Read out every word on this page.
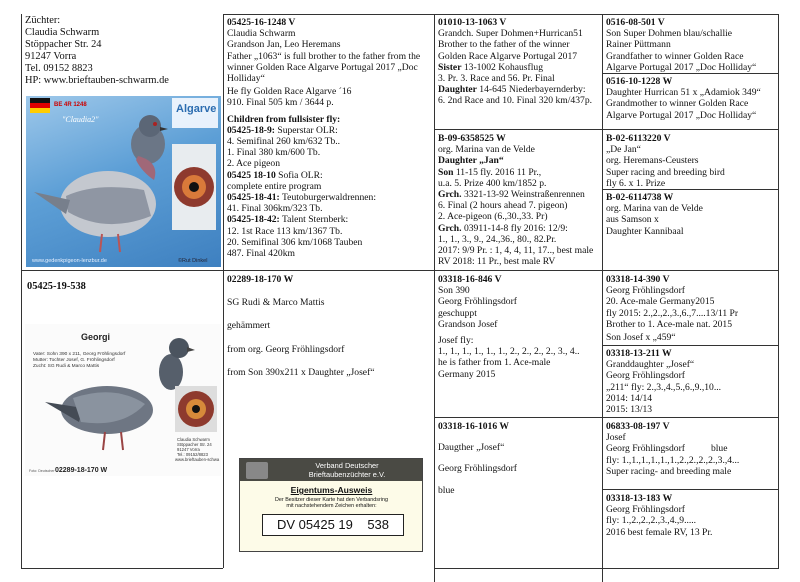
Züchter:

Claudia Schwarm

Stöppacher Str. 24

91247 Vorra

Tel. 09152 8823

HP: www.brieftauben-schwarm.de

Algarve
BE 4R 1248
"Claudia2"
www.gedenkpigeon-lenzbur.de	©Rut Dinkel
05425-19-538
Georgi
Vater: Sohn 390 x 211, Georg Fröhlingsdorf
Mutter: Tochter Josef, G. Fröhlingsdorf
Zucht: SG Rudi & Marco Mattis
Foto: Deutscher 02289-18-170 W
Claudia Schwarm
Stöppacher Str. 24
91247 Vorra
Tel.: 09152/8823
www.brieftauben-schwa

Verband Deutscher

Brieftaubenzüchter e.V.

Eigentums-Ausweis

Der Besitzer dieser Karte hat den Verbandsring

mit nachstehendem Zeichen erhalten:

DV 05425 19    538

05425-16-1248 V

Claudia Schwarm

Grandson Jan, Leo Heremans

Father „1063“ is full brother to the father from the winner Golden Race Algarve Portugal 2017 „Doc Holliday“

He fly Golden Race Algarve ´16

910. Final 505 km / 3644 p.

Children from fullsister fly:

05425-18-9: Superstar OLR:

4. Semifinal 260 km/632 Tb..

1. Final 380 km/600 Tb.

2. Ace pigeon

05425 18-10 Sofia OLR:

complete entire program

05425-18-41: Teutoburgerwaldrennen:

41. Final 306km/323 Tb.

05425-18-42: Talent Sternberk:

12. 1st Race 113 km/1367 Tb.

20. Semifinal 306 km/1068 Tauben

487. Final 420km

02289-18-170 W

SG Rudi & Marco Mattis

gehämmert

from org. Georg Fröhlingsdorf

from Son 390x211 x Daughter „Josef“

01010-13-1063 V

Grandch. Super Dohmen+Hurrican51

Brother to the father of the winner

Golden Race Algarve Portugal 2017

Sister 13-1002 Kohausflug

3. Pr. 3. Race and 56. Pr. Final

Daughter 14-645 Niederbayernderby:

6. 2nd Race and 10. Final 320 km/437p.

B-09-6358525 W

org. Marina van de Velde

Daughter „Jan“

Son 11-15 fly. 2016 11 Pr.,

u.a. 5. Prize 400 km/1852 p.

Grch. 3321-13-92 Weinstraßenrennen

6. Final (2 hours ahead 7. pigeon)

2. Ace-pigeon (6.,30.,33. Pr)

Grch. 03911-14-8 fly 2016: 12/9:

1., 1., 3., 9., 24.,36., 80., 82.Pr.

2017: 9/9 Pr. : 1, 4, 4, 11, 17.., best male RV 2018: 11 Pr., best male RV

0516-08-501 V

Son Super Dohmen blau/schallie

Rainer Püttmann

Grandfather to winner Golden Race

Algarve Portugal 2017 „Doc Holliday“

0516-10-1228 W

Daughter Hurrican 51 x „Adamiok 349“

Grandmother to winner Golden Race

Algarve Portugal 2017 „Doc Holliday“

B-02-6113220 V

„De Jan“

org. Heremans-Ceusters

Super racing and breeding bird

fly 6. x 1. Prize

B-02-6114738 W

org. Marina van de Velde

aus Samson x

Daughter Kannibaal

03318-16-846 V

Son 390

Georg Fröhlingsdorf

geschuppt

Grandson Josef

Josef fly:

1., 1., 1., 1., 1., 1., 2., 2., 2., 2., 3., 4..

he is father from 1. Ace-male

Germany 2015

03318-16-1016 W

Daugther „Josef“

Georg Fröhlingsdorf

blue

03318-14-390 V

Georg Fröhlingsdorf

20. Ace-male Germany2015

fly 2015: 2.,2.,2.,3.,6.,7....13/11 Pr

Brother to 1. Ace-male nat. 2015

Son Josef x „459“

03318-13-211 W

Granddaughter „Josef“

Georg Fröhlingsdorf

„211“ fly: 2.,3.,4.,5.,6.,9.,10...

2014: 14/14

2015: 13/13

06833-08-197 V

Josef

Georg Fröhlingsdorf	blue

fly: 1.,1.,1.,1.,1.,1.,2.,2.,2.,2.,3.,4...

Super racing- and breeding male

03318-13-183 W

Georg Fröhlingsdorf

fly: 1.,2.,2.,2.,3.,4.,9.....

2016 best female RV, 13 Pr.
